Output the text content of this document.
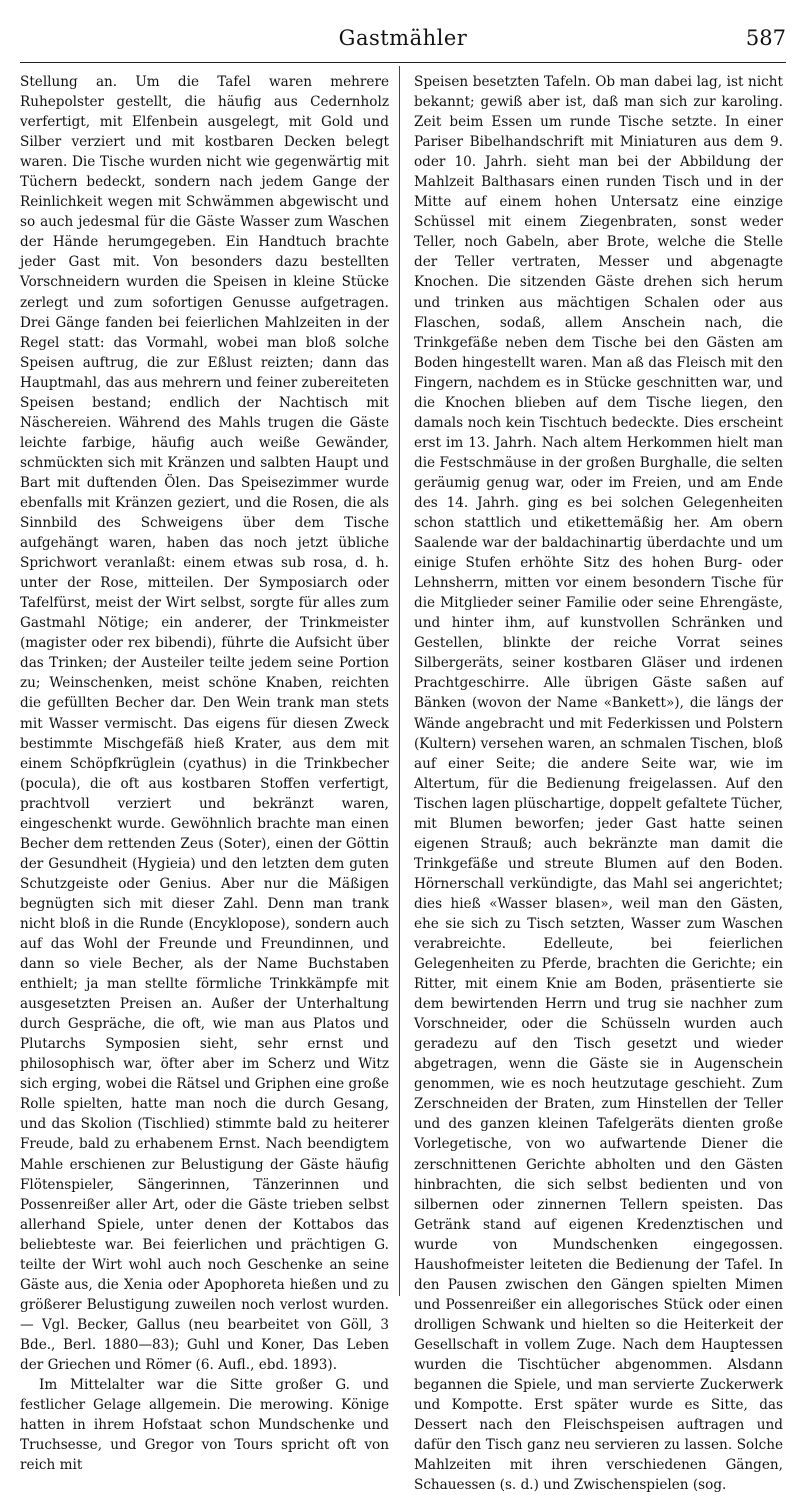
Gastmähler	587

Stellung an. Um die Tafel waren mehrere Ruhepolster gestellt, die häufig aus Cedernholz verfertigt, mit Elfenbein ausgelegt, mit Gold und Silber verziert und mit kostbaren Decken belegt waren. Die Tische wurden nicht wie gegenwärtig mit Tüchern bedeckt, sondern nach jedem Gange der Reinlichkeit wegen mit Schwämmen abgewischt und so auch jedesmal für die Gäste Wasser zum Waschen der Hände herumgegeben. Ein Handtuch brachte jeder Gast mit. Von besonders dazu bestellten Vorschneidern wurden die Speisen in kleine Stücke zerlegt und zum sofortigen Genusse aufgetragen. Drei Gänge fanden bei feierlichen Mahlzeiten in der Regel statt: das Vormahl, wobei man bloß solche Speisen auftrug, die zur Eßlust reizten; dann das Hauptmahl, das aus mehrern und feiner zubereiteten Speisen bestand; endlich der Nachtisch mit Näschereien. Während des Mahls trugen die Gäste leichte farbige, häufig auch weiße Gewänder, schmückten sich mit Kränzen und salbten Haupt und Bart mit duftenden Ölen. Das Speisezimmer wurde ebenfalls mit Kränzen geziert, und die Rosen, die als Sinnbild des Schweigens über dem Tische aufgehängt waren, haben das noch jetzt übliche Sprichwort veranlaßt: einem etwas sub rosa, d. h. unter der Rose, mitteilen. Der Symposiarch oder Tafelfürst, meist der Wirt selbst, sorgte für alles zum Gastmahl Nötige; ein anderer, der Trinkmeister (magister oder rex bibendi), führte die Aufsicht über das Trinken; der Austeiler teilte jedem seine Portion zu; Weinschenken, meist schöne Knaben, reichten die gefüllten Becher dar. Den Wein trank man stets mit Wasser vermischt. Das eigens für diesen Zweck bestimmte Mischgefäß hieß Krater, aus dem mit einem Schöpfkrüglein (cyathus) in die Trinkbecher (pocula), die oft aus kostbaren Stoffen verfertigt, prachtvoll verziert und bekränzt waren, eingeschenkt wurde. Gewöhnlich brachte man einen Becher dem rettenden Zeus (Soter), einen der Göttin der Gesundheit (Hygieia) und den letzten dem guten Schutzgeiste oder Genius. Aber nur die Mäßigen begnügten sich mit dieser Zahl. Denn man trank nicht bloß in die Runde (Encyklopose), sondern auch auf das Wohl der Freunde und Freundinnen, und dann so viele Becher, als der Name Buchstaben enthielt; ja man stellte förmliche Trinkkämpfe mit ausgesetzten Preisen an. Außer der Unterhaltung durch Gespräche, die oft, wie man aus Platos und Plutarchs Symposien sieht, sehr ernst und philosophisch war, öfter aber im Scherz und Witz sich erging, wobei die Rätsel und Griphen eine große Rolle spielten, hatte man noch die durch Gesang, und das Skolion (Tischlied) stimmte bald zu heiterer Freude, bald zu erhabenem Ernst. Nach beendigtem Mahle erschienen zur Belustigung der Gäste häufig Flötenspieler, Sängerinnen, Tänzerinnen und Possenreißer aller Art, oder die Gäste trieben selbst allerhand Spiele, unter denen der Kottabos das beliebteste war. Bei feierlichen und prächtigen G. teilte der Wirt wohl auch noch Geschenke an seine Gäste aus, die Xenia oder Apophoreta hießen und zu größerer Belustigung zuweilen noch verlost wurden. — Vgl. Becker, Gallus (neu bearbeitet von Göll, 3 Bde., Berl. 1880—83); Guhl und Koner, Das Leben der Griechen und Römer (6. Aufl., ebd. 1893).

Im Mittelalter war die Sitte großer G. und festlicher Gelage allgemein. Die merowing. Könige hatten in ihrem Hofstaat schon Mundschenke und Truchsesse, und Gregor von Tours spricht oft von reich mit

Speisen besetzten Tafeln. Ob man dabei lag, ist nicht bekannt; gewiß aber ist, daß man sich zur karoling. Zeit beim Essen um runde Tische setzte. In einer Pariser Bibelhandschrift mit Miniaturen aus dem 9. oder 10. Jahrh. sieht man bei der Abbildung der Mahlzeit Balthasars einen runden Tisch und in der Mitte auf einem hohen Untersatz eine einzige Schüssel mit einem Ziegenbraten, sonst weder Teller, noch Gabeln, aber Brote, welche die Stelle der Teller vertraten, Messer und abgenagte Knochen. Die sitzenden Gäste drehen sich herum und trinken aus mächtigen Schalen oder aus Flaschen, sodaß, allem Anschein nach, die Trinkgefäße neben dem Tische bei den Gästen am Boden hingestellt waren. Man aß das Fleisch mit den Fingern, nachdem es in Stücke geschnitten war, und die Knochen blieben auf dem Tische liegen, den damals noch kein Tischtuch bedeckte. Dies erscheint erst im 13. Jahrh. Nach altem Herkommen hielt man die Festschmäuse in der großen Burghalle, die selten geräumig genug war, oder im Freien, und am Ende des 14. Jahrh. ging es bei solchen Gelegenheiten schon stattlich und etikettemäßig her. Am obern Saalende war der baldachinartig überdachte und um einige Stufen erhöhte Sitz des hohen Burg- oder Lehnsherrn, mitten vor einem besondern Tische für die Mitglieder seiner Familie oder seine Ehrengäste, und hinter ihm, auf kunstvollen Schränken und Gestellen, blinkte der reiche Vorrat seines Silbergeräts, seiner kostbaren Gläser und irdenen Prachtgeschirre. Alle übrigen Gäste saßen auf Bänken (wovon der Name «Bankett»), die längs der Wände angebracht und mit Federkissen und Polstern (Kultern) versehen waren, an schmalen Tischen, bloß auf einer Seite; die andere Seite war, wie im Altertum, für die Bedienung freigelassen. Auf den Tischen lagen plüschartige, doppelt gefaltete Tücher, mit Blumen beworfen; jeder Gast hatte seinen eigenen Strauß; auch bekränzte man damit die Trinkgefäße und streute Blumen auf den Boden. Hörnerschall verkündigte, das Mahl sei angerichtet; dies hieß «Wasser blasen», weil man den Gästen, ehe sie sich zu Tisch setzten, Wasser zum Waschen verabreichte. Edelleute, bei feierlichen Gelegenheiten zu Pferde, brachten die Gerichte; ein Ritter, mit einem Knie am Boden, präsentierte sie dem bewirtenden Herrn und trug sie nachher zum Vorschneider, oder die Schüsseln wurden auch geradezu auf den Tisch gesetzt und wieder abgetragen, wenn die Gäste sie in Augenschein genommen, wie es noch heutzutage geschieht. Zum Zerschneiden der Braten, zum Hinstellen der Teller und des ganzen kleinen Tafelgeräts dienten große Vorlegetische, von wo aufwartende Diener die zerschnittenen Gerichte abholten und den Gästen hinbrachten, die sich selbst bedienten und von silbernen oder zinnernen Tellern speisten. Das Getränk stand auf eigenen Kredenztischen und wurde von Mundschenken eingegossen. Haushofmeister leiteten die Bedienung der Tafel. In den Pausen zwischen den Gängen spielten Mimen und Possenreißer ein allegorisches Stück oder einen drolligen Schwank und hielten so die Heiterkeit der Gesellschaft in vollem Zuge. Nach dem Hauptessen wurden die Tischtücher abgenommen. Alsdann begannen die Spiele, und man servierte Zuckerwerk und Kompotte. Erst später wurde es Sitte, das Dessert nach den Fleischspeisen auftragen und dafür den Tisch ganz neu servieren zu lassen. Solche Mahlzeiten mit ihren verschiedenen Gängen, Schauessen (s. d.) und Zwischenspielen (sog.
